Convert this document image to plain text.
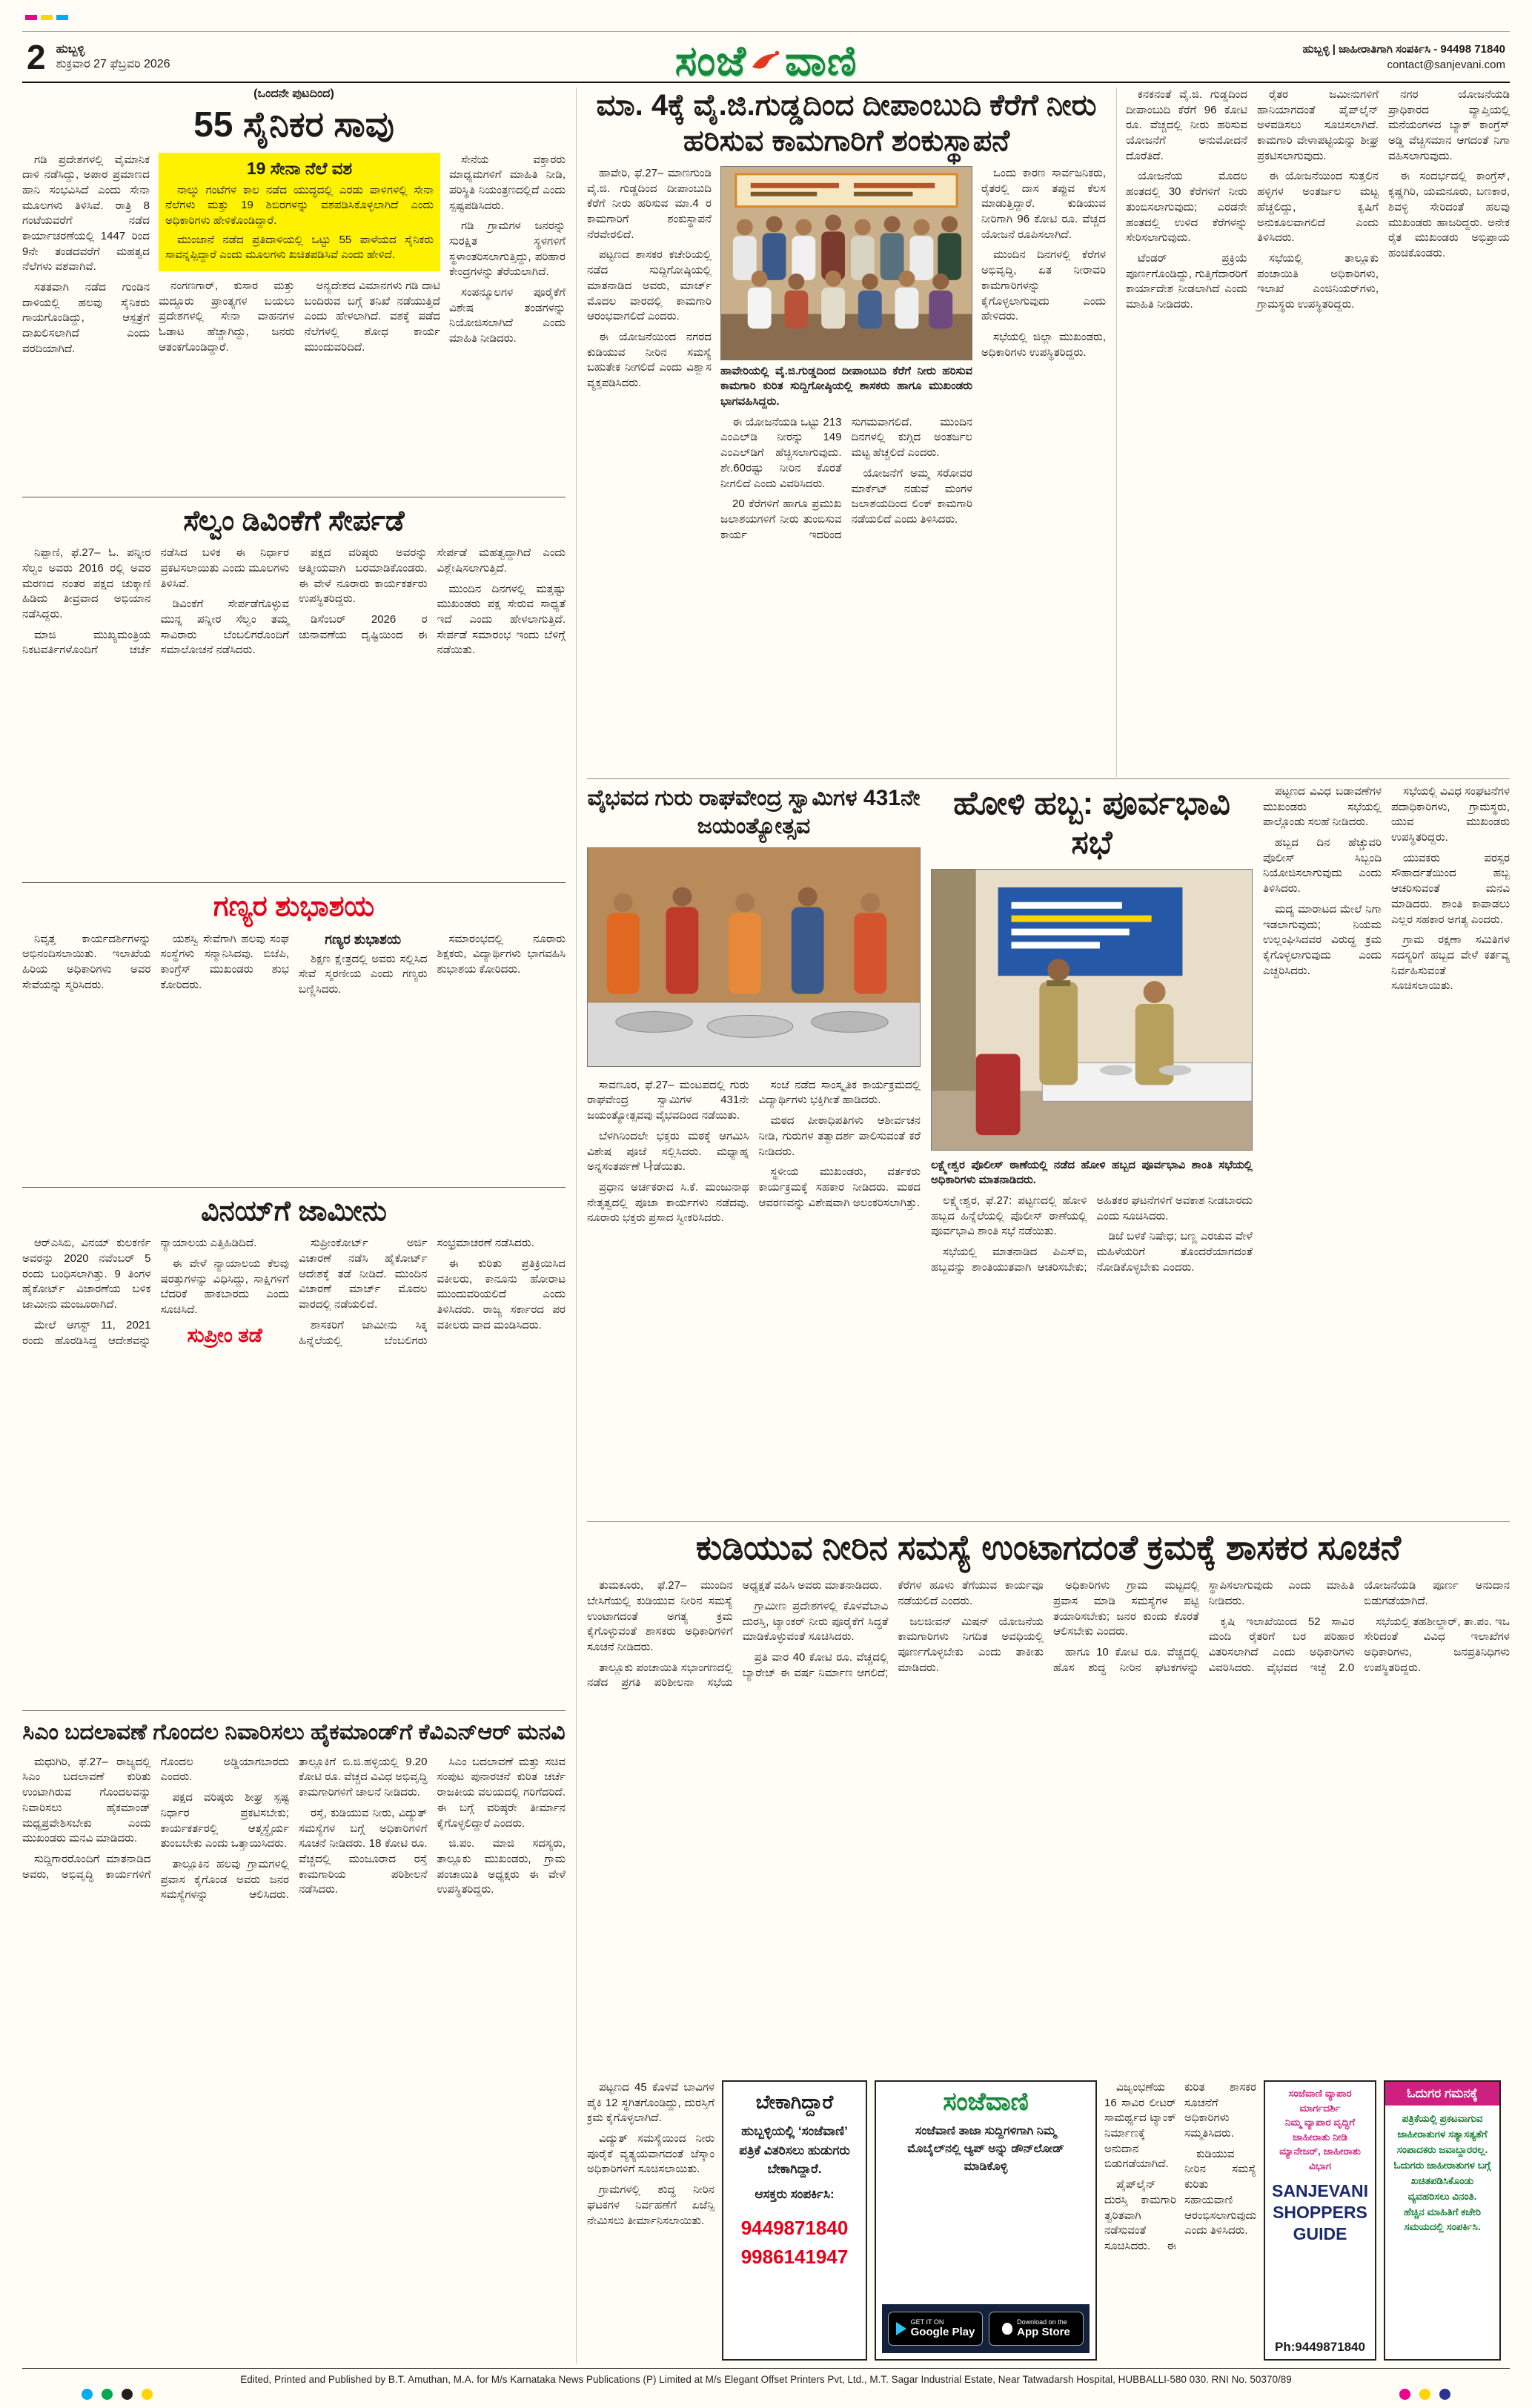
2 ಹುಬ್ಬಳ್ಳಿ
ಶುಕ್ರವಾರ 27 ಫೆಬ್ರವರಿ 2026	ಸಂಜೆ ವಾಣಿ	ಹುಬ್ಬಳ್ಳಿ | ಜಾಹೀರಾತಿಗಾಗಿ ಸಂಪರ್ಕಿಸಿ - 94498 71840
contact@sanjevani.com
(ಒಂದನೇ ಪುಟದಿಂದ)
55 ಸೈನಿಕರ ಸಾವು

ಗಡಿ ಪ್ರದೇಶಗಳಲ್ಲಿ ವೈಮಾನಿಕ ದಾಳಿ ನಡೆಸಿದ್ದು, ಅಪಾರ ಪ್ರಮಾಣದ ಹಾನಿ ಸಂಭವಿಸಿದೆ ಎಂದು ಸೇನಾ ಮೂಲಗಳು ತಿಳಿಸಿವೆ. ರಾತ್ರಿ 8 ಗಂಟೆಯವರೆಗೆ ನಡೆದ ಕಾರ್ಯಾಚರಣೆಯಲ್ಲಿ 1447 ರಿಂದ 9ನೇ ತಂಡದವರೆಗೆ ಮಹತ್ವದ ನೆಲೆಗಳು ವಶವಾಗಿವೆ.

ಸತತವಾಗಿ ನಡೆದ ಗುಂಡಿನ ದಾಳಿಯಲ್ಲಿ ಹಲವು ಸೈನಿಕರು ಗಾಯಗೊಂಡಿದ್ದು, ಆಸ್ಪತ್ರೆಗೆ ದಾಖಲಿಸಲಾಗಿದೆ ಎಂದು ವರದಿಯಾಗಿದೆ.

19 ಸೇನಾ ನೆಲೆ ವಶ

ನಾಲ್ಕು ಗಂಟೆಗಳ ಕಾಲ ನಡೆದ ಯುದ್ಧದಲ್ಲಿ ಎರಡು ಪಾಳಿಗಳಲ್ಲಿ ಸೇನಾ ನೆಲೆಗಳು ಮತ್ತು 19 ಶಿಬಿರಗಳನ್ನು ವಶಪಡಿಸಿಕೊಳ್ಳಲಾಗಿದೆ ಎಂದು ಅಧಿಕಾರಿಗಳು ಹೇಳಿಕೊಂಡಿದ್ದಾರೆ.

ಮುಂಜಾನೆ ನಡೆದ ಪ್ರತಿದಾಳಿಯಲ್ಲಿ ಒಟ್ಟು 55 ಪಾಳೆಯದ ಸೈನಿಕರು ಸಾವನ್ನಪ್ಪಿದ್ದಾರೆ ಎಂದು ಮೂಲಗಳು ಖಚಿತಪಡಿಸಿವೆ ಎಂದು ಹೇಳಿದೆ.

ನಂಗಣಗಾರ್, ಕುಸಾರ ಮತ್ತು ಮದ್ದೂರು ಪ್ರಾಂತ್ಯಗಳ ಬಯಲು ಪ್ರದೇಶಗಳಲ್ಲಿ ಸೇನಾ ವಾಹನಗಳ ಓಡಾಟ ಹೆಚ್ಚಾಗಿದ್ದು, ಜನರು ಆತಂಕಗೊಂಡಿದ್ದಾರೆ.

ಅನ್ಯದೇಶದ ವಿಮಾನಗಳು ಗಡಿ ದಾಟಿ ಬಂದಿರುವ ಬಗ್ಗೆ ತನಿಖೆ ನಡೆಯುತ್ತಿದೆ ಎಂದು ಹೇಳಲಾಗಿದೆ. ವಶಕ್ಕೆ ಪಡೆದ ನೆಲೆಗಳಲ್ಲಿ ಶೋಧ ಕಾರ್ಯ ಮುಂದುವರಿದಿದೆ.

ಸೇನೆಯ ವಕ್ತಾರರು ಮಾಧ್ಯಮಗಳಿಗೆ ಮಾಹಿತಿ ನೀಡಿ, ಪರಿಸ್ಥಿತಿ ನಿಯಂತ್ರಣದಲ್ಲಿದೆ ಎಂದು ಸ್ಪಷ್ಟಪಡಿಸಿದರು.

ಗಡಿ ಗ್ರಾಮಗಳ ಜನರನ್ನು ಸುರಕ್ಷಿತ ಸ್ಥಳಗಳಿಗೆ ಸ್ಥಳಾಂತರಿಸಲಾಗುತ್ತಿದ್ದು, ಪರಿಹಾರ ಕೇಂದ್ರಗಳನ್ನು ತೆರೆಯಲಾಗಿದೆ.

ಸಂಪನ್ಮೂಲಗಳ ಪೂರೈಕೆಗೆ ವಿಶೇಷ ತಂಡಗಳನ್ನು ನಿಯೋಜಿಸಲಾಗಿದೆ ಎಂದು ಮಾಹಿತಿ ನೀಡಿದರು.

ಸೆಲ್ವಂ ಡಿವಿಂಕೆಗೆ ಸೇರ್ಪಡೆ

ನಿಪ್ಪಾಣಿ, ಫೆ.27– ಓ. ಪನ್ನೀರ ಸೆಲ್ವಂ ಅವರು 2016 ರಲ್ಲಿ ಅವರ ಮರಣದ ನಂತರ ಪಕ್ಷದ ಚುಕ್ಕಾಣಿ ಹಿಡಿದು ತೀವ್ರವಾದ ಅಭಿಯಾನ ನಡೆಸಿದ್ದರು.

ಮಾಜಿ ಮುಖ್ಯಮಂತ್ರಿಯ ನಿಕಟವರ್ತಿಗಳೊಂದಿಗೆ ಚರ್ಚೆ ನಡೆಸಿದ ಬಳಿಕ ಈ ನಿರ್ಧಾರ ಪ್ರಕಟಿಸಲಾಯಿತು ಎಂದು ಮೂಲಗಳು ತಿಳಿಸಿವೆ.

ಡಿವಿಂಕೆಗೆ ಸೇರ್ಪಡೆಗೊಳ್ಳುವ ಮುನ್ನ ಪನ್ನೀರ ಸೆಲ್ವಂ ತಮ್ಮ ಸಾವಿರಾರು ಬೆಂಬಲಿಗರೊಂದಿಗೆ ಸಮಾಲೋಚನೆ ನಡೆಸಿದರು.

ಪಕ್ಷದ ವರಿಷ್ಠರು ಅವರನ್ನು ಆತ್ಮೀಯವಾಗಿ ಬರಮಾಡಿಕೊಂಡರು. ಈ ವೇಳೆ ನೂರಾರು ಕಾರ್ಯಕರ್ತರು ಉಪಸ್ಥಿತರಿದ್ದರು.

ಡಿಸೆಂಬರ್ 2026 ರ ಚುನಾವಣೆಯ ದೃಷ್ಟಿಯಿಂದ ಈ ಸೇರ್ಪಡೆ ಮಹತ್ವದ್ದಾಗಿದೆ ಎಂದು ವಿಶ್ಲೇಷಿಸಲಾಗುತ್ತಿದೆ.

ಮುಂದಿನ ದಿನಗಳಲ್ಲಿ ಮತ್ತಷ್ಟು ಮುಖಂಡರು ಪಕ್ಷ ಸೇರುವ ಸಾಧ್ಯತೆ ಇದೆ ಎಂದು ಹೇಳಲಾಗುತ್ತಿದೆ. ಸೇರ್ಪಡೆ ಸಮಾರಂಭ ಇಂದು ಬೆಳಿಗ್ಗೆ ನಡೆಯಿತು.

ಗಣ್ಯರ ಶುಭಾಶಯ

ನಿವೃತ್ತ ಕಾರ್ಯದರ್ಶಿಗಳನ್ನು ಅಭಿನಂದಿಸಲಾಯಿತು. ಇಲಾಖೆಯ ಹಿರಿಯ ಅಧಿಕಾರಿಗಳು ಅವರ ಸೇವೆಯನ್ನು ಸ್ಮರಿಸಿದರು.

ಯಶಸ್ವಿ ಸೇವೆಗಾಗಿ ಹಲವು ಸಂಘ ಸಂಸ್ಥೆಗಳು ಸನ್ಮಾನಿಸಿದವು. ಬಿಜೆಪಿ, ಕಾಂಗ್ರೆಸ್ ಮುಖಂಡರು ಶುಭ ಕೋರಿದರು.

ಗಣ್ಯರ ಶುಭಾಶಯ

ಶಿಕ್ಷಣ ಕ್ಷೇತ್ರದಲ್ಲಿ ಅವರು ಸಲ್ಲಿಸಿದ ಸೇವೆ ಸ್ಮರಣೀಯ ಎಂದು ಗಣ್ಯರು ಬಣ್ಣಿಸಿದರು.

ಸಮಾರಂಭದಲ್ಲಿ ನೂರಾರು ಶಿಕ್ಷಕರು, ವಿದ್ಯಾರ್ಥಿಗಳು ಭಾಗವಹಿಸಿ ಶುಭಾಶಯ ಕೋರಿದರು.

ವಿನಯ್‌ಗೆ ಜಾಮೀನು

ಆರ್‌ಎಸಿಬಿ, ವಿನಯ್ ಕುಲಕರ್ಣಿ ಅವರನ್ನು 2020 ನವೆಂಬರ್ 5 ರಂದು ಬಂಧಿಸಲಾಗಿತ್ತು. 9 ತಿಂಗಳ ಹೈಕೋರ್ಟ್ ವಿಚಾರಣೆಯ ಬಳಿಕ ಜಾಮೀನು ಮಂಜೂರಾಗಿದೆ.

ಮೇಲೆ ಆಗಸ್ಟ್ 11, 2021 ರಂದು ಹೊರಡಿಸಿದ್ದ ಆದೇಶವನ್ನು ನ್ಯಾಯಾಲಯ ಎತ್ತಿಹಿಡಿದಿದೆ.

ಈ ವೇಳೆ ನ್ಯಾಯಾಲಯ ಕೆಲವು ಷರತ್ತುಗಳನ್ನು ವಿಧಿಸಿದ್ದು, ಸಾಕ್ಷಿಗಳಿಗೆ ಬೆದರಿಕೆ ಹಾಕಬಾರದು ಎಂದು ಸೂಚಿಸಿದೆ.

ಸುಪ್ರೀಂ ತಡೆ

ಸುಪ್ರೀಂಕೋರ್ಟ್ ಅರ್ಜಿ ವಿಚಾರಣೆ ನಡೆಸಿ ಹೈಕೋರ್ಟ್ ಆದೇಶಕ್ಕೆ ತಡೆ ನೀಡಿದೆ. ಮುಂದಿನ ವಿಚಾರಣೆ ಮಾರ್ಚ್ ಮೊದಲ ವಾರದಲ್ಲಿ ನಡೆಯಲಿದೆ.

ಶಾಸಕರಿಗೆ ಜಾಮೀನು ಸಿಕ್ಕ ಹಿನ್ನೆಲೆಯಲ್ಲಿ ಬೆಂಬಲಿಗರು ಸಂಭ್ರಮಾಚರಣೆ ನಡೆಸಿದರು.

ಈ ಕುರಿತು ಪ್ರತಿಕ್ರಿಯಿಸಿದ ವಕೀಲರು, ಕಾನೂನು ಹೋರಾಟ ಮುಂದುವರಿಯಲಿದೆ ಎಂದು ತಿಳಿಸಿದರು. ರಾಜ್ಯ ಸರ್ಕಾರದ ಪರ ವಕೀಲರು ವಾದ ಮಂಡಿಸಿದರು.

ಸಿಎಂ ಬದಲಾವಣೆ ಗೊಂದಲ ನಿವಾರಿಸಲು ಹೈಕಮಾಂಡ್‌ಗೆ ಕೆವಿಎನ್‌ಆರ್ ಮನವಿ

ಮಧುಗಿರಿ, ಫೆ.27– ರಾಜ್ಯದಲ್ಲಿ ಸಿಎಂ ಬದಲಾವಣೆ ಕುರಿತು ಉಂಟಾಗಿರುವ ಗೊಂದಲವನ್ನು ನಿವಾರಿಸಲು ಹೈಕಮಾಂಡ್ ಮಧ್ಯಪ್ರವೇಶಿಸಬೇಕು ಎಂದು ಮುಖಂಡರು ಮನವಿ ಮಾಡಿದರು.

ಸುದ್ದಿಗಾರರೊಂದಿಗೆ ಮಾತನಾಡಿದ ಅವರು, ಅಭಿವೃದ್ಧಿ ಕಾರ್ಯಗಳಿಗೆ ಗೊಂದಲ ಅಡ್ಡಿಯಾಗಬಾರದು ಎಂದರು.

ಪಕ್ಷದ ವರಿಷ್ಠರು ಶೀಘ್ರ ಸ್ಪಷ್ಟ ನಿರ್ಧಾರ ಪ್ರಕಟಿಸಬೇಕು; ಕಾರ್ಯಕರ್ತರಲ್ಲಿ ಆತ್ಮಸ್ಥೈರ್ಯ ತುಂಬಬೇಕು ಎಂದು ಒತ್ತಾಯಿಸಿದರು.

ತಾಲ್ಲೂಕಿನ ಹಲವು ಗ್ರಾಮಗಳಲ್ಲಿ ಪ್ರವಾಸ ಕೈಗೊಂಡ ಅವರು ಜನರ ಸಮಸ್ಯೆಗಳನ್ನು ಆಲಿಸಿದರು. ತಾಲ್ಲೂಕಿಗೆ ಬಿ.ಜಿ.ಹಳ್ಳಿಯಲ್ಲಿ 9.20 ಕೋಟಿ ರೂ. ವೆಚ್ಚದ ವಿವಿಧ ಅಭಿವೃದ್ಧಿ ಕಾಮಗಾರಿಗಳಿಗೆ ಚಾಲನೆ ನೀಡಿದರು.

ರಸ್ತೆ, ಕುಡಿಯುವ ನೀರು, ವಿದ್ಯುತ್ ಸಮಸ್ಯೆಗಳ ಬಗ್ಗೆ ಅಧಿಕಾರಿಗಳಿಗೆ ಸೂಚನೆ ನೀಡಿದರು. 18 ಕೋಟಿ ರೂ. ವೆಚ್ಚದಲ್ಲಿ ಮಂಜೂರಾದ ರಸ್ತೆ ಕಾಮಗಾರಿಯ ಪರಿಶೀಲನೆ ನಡೆಸಿದರು.

ಸಿಎಂ ಬದಲಾವಣೆ ಮತ್ತು ಸಚಿವ ಸಂಪುಟ ಪುನಾರಚನೆ ಕುರಿತ ಚರ್ಚೆ ರಾಜಕೀಯ ವಲಯದಲ್ಲಿ ಗರಿಗೆದರಿದೆ. ಈ ಬಗ್ಗೆ ವರಿಷ್ಠರೇ ತೀರ್ಮಾನ ಕೈಗೊಳ್ಳಲಿದ್ದಾರೆ ಎಂದರು.

ಜಿ.ಪಂ. ಮಾಜಿ ಸದಸ್ಯರು, ತಾಲ್ಲೂಕು ಮುಖಂಡರು, ಗ್ರಾಮ ಪಂಚಾಯಿತಿ ಅಧ್ಯಕ್ಷರು ಈ ವೇಳೆ ಉಪಸ್ಥಿತರಿದ್ದರು.

ಮಾ. 4ಕ್ಕೆ ವೈ.ಜಿ.ಗುಡ್ಡದಿಂದ ದೀಪಾಂಬುದಿ ಕೆರೆಗೆ ನೀರು ಹರಿಸುವ ಕಾಮಗಾರಿಗೆ ಶಂಕುಸ್ಥಾಪನೆ

ಹಾವೇರಿ, ಫೆ.27– ಮಾಣಗುಂಡಿ ವೈ.ಜಿ. ಗುಡ್ಡದಿಂದ ದೀಪಾಂಬುದಿ ಕೆರೆಗೆ ನೀರು ಹರಿಸುವ ಮಾ.4 ರ ಕಾಮಗಾರಿಗೆ ಶಂಕುಸ್ಥಾಪನೆ ನೆರವೇರಲಿದೆ.

ಪಟ್ಟಣದ ಶಾಸಕರ ಕಚೇರಿಯಲ್ಲಿ ನಡೆದ ಸುದ್ದಿಗೋಷ್ಠಿಯಲ್ಲಿ ಮಾತನಾಡಿದ ಅವರು, ಮಾರ್ಚ್ ಮೊದಲ ವಾರದಲ್ಲಿ ಕಾಮಗಾರಿ ಆರಂಭವಾಗಲಿದೆ ಎಂದರು.

ಈ ಯೋಜನೆಯಿಂದ ನಗರದ ಕುಡಿಯುವ ನೀರಿನ ಸಮಸ್ಯೆ ಬಹುತೇಕ ನೀಗಲಿದೆ ಎಂದು ವಿಶ್ವಾಸ ವ್ಯಕ್ತಪಡಿಸಿದರು.

ಹಾವೇರಿಯಲ್ಲಿ ವೈ.ಜಿ.ಗುಡ್ಡದಿಂದ ದೀಪಾಂಬುದಿ ಕೆರೆಗೆ ನೀರು ಹರಿಸುವ ಕಾಮಗಾರಿ ಕುರಿತ ಸುದ್ದಿಗೋಷ್ಠಿಯಲ್ಲಿ ಶಾಸಕರು ಹಾಗೂ ಮುಖಂಡರು ಭಾಗವಹಿಸಿದ್ದರು.

ಈ ಯೋಜನೆಯಡಿ ಒಟ್ಟು 213 ಎಂಎಲ್‌ಡಿ ನೀರನ್ನು 149 ಎಂಎಲ್‌ಡಿಗೆ ಹೆಚ್ಚಿಸಲಾಗುವುದು. ಶೇ.60ರಷ್ಟು ನೀರಿನ ಕೊರತೆ ನೀಗಲಿದೆ ಎಂದು ವಿವರಿಸಿದರು.

20 ಕೆರೆಗಳಿಗೆ ಹಾಗೂ ಪ್ರಮುಖ ಜಲಾಶಯಗಳಿಗೆ ನೀರು ತುಂಬಿಸುವ ಕಾರ್ಯ ಇದರಿಂದ ಸುಗಮವಾಗಲಿದೆ. ಮುಂದಿನ ದಿನಗಳಲ್ಲಿ ಕುಗ್ಗಿದ ಅಂತರ್ಜಲ ಮಟ್ಟ ಹೆಚ್ಚಲಿದೆ ಎಂದರು.

ಯೋಜನೆಗೆ ಅಮ್ಮ ಸರೋವರ ಮಾರ್ಕೆಟ್ ನಡುವೆ ಮಂಗಳ ಜಲಾಶಯದಿಂದ ಲಿಂಕ್ ಕಾಮಗಾರಿ ನಡೆಯಲಿದೆ ಎಂದು ತಿಳಿಸಿದರು.

ಒಂದು ಕಾರಣ ಸಾರ್ವಜನಿಕರು, ರೈತರಲ್ಲಿ ದಾಸ ತಪ್ಪುವ ಕೆಲಸ ಮಾಡುತ್ತಿದ್ದಾರೆ. ಕುಡಿಯುವ ನೀರಿಗಾಗಿ 96 ಕೋಟಿ ರೂ. ವೆಚ್ಚದ ಯೋಜನೆ ರೂಪಿಸಲಾಗಿದೆ.

ಮುಂದಿನ ದಿನಗಳಲ್ಲಿ ಕೆರೆಗಳ ಅಭಿವೃದ್ಧಿ, ಏತ ನೀರಾವರಿ ಕಾಮಗಾರಿಗಳನ್ನು ಕೈಗೊಳ್ಳಲಾಗುವುದು ಎಂದು ಹೇಳಿದರು.

ಸಭೆಯಲ್ಲಿ ಜಿಲ್ಲಾ ಮುಖಂಡರು, ಅಧಿಕಾರಿಗಳು ಉಪಸ್ಥಿತರಿದ್ದರು.

ಕನಕನಂತೆ ವೈ.ಜಿ. ಗುಡ್ಡದಿಂದ ದೀಪಾಂಬುದಿ ಕೆರೆಗೆ 96 ಕೋಟಿ ರೂ. ವೆಚ್ಚದಲ್ಲಿ ನೀರು ಹರಿಸುವ ಯೋಜನೆಗೆ ಅನುಮೋದನೆ ದೊರೆತಿದೆ.

ಯೋಜನೆಯ ಮೊದಲ ಹಂತದಲ್ಲಿ 30 ಕೆರೆಗಳಿಗೆ ನೀರು ತುಂಬಿಸಲಾಗುವುದು; ಎರಡನೇ ಹಂತದಲ್ಲಿ ಉಳಿದ ಕೆರೆಗಳನ್ನು ಸೇರಿಸಲಾಗುವುದು.

ಟೆಂಡರ್ ಪ್ರಕ್ರಿಯೆ ಪೂರ್ಣಗೊಂಡಿದ್ದು, ಗುತ್ತಿಗೆದಾರರಿಗೆ ಕಾರ್ಯಾದೇಶ ನೀಡಲಾಗಿದೆ ಎಂದು ಮಾಹಿತಿ ನೀಡಿದರು.

ರೈತರ ಜಮೀನುಗಳಿಗೆ ಹಾನಿಯಾಗದಂತೆ ಪೈಪ್‌ಲೈನ್ ಅಳವಡಿಸಲು ಸೂಚಿಸಲಾಗಿದೆ. ಕಾಮಗಾರಿ ವೇಳಾಪಟ್ಟಿಯನ್ನು ಶೀಘ್ರ ಪ್ರಕಟಿಸಲಾಗುವುದು.

ಈ ಯೋಜನೆಯಿಂದ ಸುತ್ತಲಿನ ಹಳ್ಳಿಗಳ ಅಂತರ್ಜಲ ಮಟ್ಟ ಹೆಚ್ಚಲಿದ್ದು, ಕೃಷಿಗೆ ಅನುಕೂಲವಾಗಲಿದೆ ಎಂದು ತಿಳಿಸಿದರು.

ಸಭೆಯಲ್ಲಿ ತಾಲ್ಲೂಕು ಪಂಚಾಯಿತಿ ಅಧಿಕಾರಿಗಳು, ಇಲಾಖೆ ಎಂಜಿನಿಯರ್‌ಗಳು, ಗ್ರಾಮಸ್ಥರು ಉಪಸ್ಥಿತರಿದ್ದರು.

ನಗರ ಯೋಜನೆಯಡಿ ಪ್ರಾಧಿಕಾರದ ವ್ಯಾಪ್ತಿಯಲ್ಲಿ ಮನೆಯಂಗಳದ ಬ್ಯಾಕ್ ಕಾಂಗ್ರೆಸ್ ಅಡ್ಡಿ ವೆಚ್ಚಿಸಮಾನ ಆಗದಂತೆ ನಿಗಾ ವಹಿಸಲಾಗುವುದು.

ಈ ಸಂದರ್ಭದಲ್ಲಿ ಕಾಂಗ್ರೆಸ್, ಕೃಷ್ಣಗಿರಿ, ಯಮನೂರು, ಬಣಕಾರ, ಶಿವಳ್ಳಿ ಸೇರಿದಂತೆ ಹಲವು ಮುಖಂಡರು ಹಾಜರಿದ್ದರು. ಅನೇಕ ರೈತ ಮುಖಂಡರು ಅಭಿಪ್ರಾಯ ಹಂಚಿಕೊಂಡರು.

ವೈಭವದ ಗುರು ರಾಘವೇಂದ್ರ ಸ್ವಾಮಿಗಳ 431ನೇ ಜಯಂತ್ಯೋತ್ಸವ

ಸಾವಣೂರ, ಫೆ.27– ಮಂಟಪದಲ್ಲಿ ಗುರು ರಾಘವೇಂದ್ರ ಸ್ವಾಮಿಗಳ 431ನೇ ಜಯಂತ್ಯೋತ್ಸವವು ವೈಭವದಿಂದ ನಡೆಯಿತು.

ಬೆಳಗಿನಿಂದಲೇ ಭಕ್ತರು ಮಠಕ್ಕೆ ಆಗಮಿಸಿ ವಿಶೇಷ ಪೂಜೆ ಸಲ್ಲಿಸಿದರು. ಮಧ್ಯಾಹ್ನ ಅನ್ನಸಂತರ್ಪಣೆ 나ಡೆಯಿತು.

ಪ್ರಧಾನ ಅರ್ಚಕರಾದ ಸಿ.ಕೆ. ಮಂಜುನಾಥ ನೇತೃತ್ವದಲ್ಲಿ ಪೂಜಾ ಕಾರ್ಯಗಳು ನಡೆದವು. ನೂರಾರು ಭಕ್ತರು ಪ್ರಸಾದ ಸ್ವೀಕರಿಸಿದರು.

ಸಂಜೆ ನಡೆದ ಸಾಂಸ್ಕೃತಿಕ ಕಾರ್ಯಕ್ರಮದಲ್ಲಿ ವಿದ್ಯಾರ್ಥಿಗಳು ಭಕ್ತಿಗೀತೆ ಹಾಡಿದರು.

ಮಠದ ಪೀಠಾಧಿಪತಿಗಳು ಆಶೀರ್ವಚನ ನೀಡಿ, ಗುರುಗಳ ತತ್ವಾದರ್ಶ ಪಾಲಿಸುವಂತೆ ಕರೆ ನೀಡಿದರು.

ಸ್ಥಳೀಯ ಮುಖಂಡರು, ವರ್ತಕರು ಕಾರ್ಯಕ್ರಮಕ್ಕೆ ಸಹಕಾರ ನೀಡಿದರು. ಮಠದ ಆವರಣವನ್ನು ವಿಶೇಷವಾಗಿ ಅಲಂಕರಿಸಲಾಗಿತ್ತು.

ಹೋಳಿ ಹಬ್ಬ: ಪೂರ್ವಭಾವಿ ಸಭೆ
ಲಕ್ಷ್ಮೇಶ್ವರ ಪೊಲೀಸ್ ಠಾಣೆಯಲ್ಲಿ ನಡೆದ ಹೋಳಿ ಹಬ್ಬದ ಪೂರ್ವಭಾವಿ ಶಾಂತಿ ಸಭೆಯಲ್ಲಿ ಅಧಿಕಾರಿಗಳು ಮಾತನಾಡಿದರು.

ಲಕ್ಷ್ಮೇಶ್ವರ, ಫೆ.27: ಪಟ್ಟಣದಲ್ಲಿ ಹೋಳಿ ಹಬ್ಬದ ಹಿನ್ನೆಲೆಯಲ್ಲಿ ಪೊಲೀಸ್ ಠಾಣೆಯಲ್ಲಿ ಪೂರ್ವಭಾವಿ ಶಾಂತಿ ಸಭೆ ನಡೆಯಿತು.

ಸಭೆಯಲ್ಲಿ ಮಾತನಾಡಿದ ಪಿಎಸ್‌ಐ, ಹಬ್ಬವನ್ನು ಶಾಂತಿಯುತವಾಗಿ ಆಚರಿಸಬೇಕು; ಅಹಿತಕರ ಘಟನೆಗಳಿಗೆ ಅವಕಾಶ ನೀಡಬಾರದು ಎಂದು ಸೂಚಿಸಿದರು.

ಡಿಜೆ ಬಳಕೆ ನಿಷೇಧ; ಬಣ್ಣ ಎರಚುವ ವೇಳೆ ಮಹಿಳೆಯರಿಗೆ ತೊಂದರೆಯಾಗದಂತೆ ನೋಡಿಕೊಳ್ಳಬೇಕು ಎಂದರು.

ಪಟ್ಟಣದ ವಿವಿಧ ಬಡಾವಣೆಗಳ ಮುಖಂಡರು ಸಭೆಯಲ್ಲಿ ಪಾಲ್ಗೊಂಡು ಸಲಹೆ ನೀಡಿದರು.

ಹಬ್ಬದ ದಿನ ಹೆಚ್ಚುವರಿ ಪೊಲೀಸ್ ಸಿಬ್ಬಂದಿ ನಿಯೋಜಿಸಲಾಗುವುದು ಎಂದು ತಿಳಿಸಿದರು.

ಮದ್ಯ ಮಾರಾಟದ ಮೇಲೆ ನಿಗಾ ಇಡಲಾಗುವುದು; ನಿಯಮ ಉಲ್ಲಂಘಿಸಿದವರ ವಿರುದ್ಧ ಕ್ರಮ ಕೈಗೊಳ್ಳಲಾಗುವುದು ಎಂದು ಎಚ್ಚರಿಸಿದರು.

ಸಭೆಯಲ್ಲಿ ವಿವಿಧ ಸಂಘಟನೆಗಳ ಪದಾಧಿಕಾರಿಗಳು, ಗ್ರಾಮಸ್ಥರು, ಯುವ ಮುಖಂಡರು ಉಪಸ್ಥಿತರಿದ್ದರು.

ಯುವಕರು ಪರಸ್ಪರ ಸೌಹಾರ್ದತೆಯಿಂದ ಹಬ್ಬ ಆಚರಿಸುವಂತೆ ಮನವಿ ಮಾಡಿದರು. ಶಾಂತಿ ಕಾಪಾಡಲು ಎಲ್ಲರ ಸಹಕಾರ ಅಗತ್ಯ ಎಂದರು.

ಗ್ರಾಮ ರಕ್ಷಣಾ ಸಮಿತಿಗಳ ಸದಸ್ಯರಿಗೆ ಹಬ್ಬದ ವೇಳೆ ಕರ್ತವ್ಯ ನಿರ್ವಹಿಸುವಂತೆ ಸೂಚಿಸಲಾಯಿತು.

ಕುಡಿಯುವ ನೀರಿನ ಸಮಸ್ಯೆ ಉಂಟಾಗದಂತೆ ಕ್ರಮಕ್ಕೆ ಶಾಸಕರ ಸೂಚನೆ

ತುಮಕೂರು, ಫೆ.27– ಮುಂದಿನ ಬೇಸಿಗೆಯಲ್ಲಿ ಕುಡಿಯುವ ನೀರಿನ ಸಮಸ್ಯೆ ಉಂಟಾಗದಂತೆ ಅಗತ್ಯ ಕ್ರಮ ಕೈಗೊಳ್ಳುವಂತೆ ಶಾಸಕರು ಅಧಿಕಾರಿಗಳಿಗೆ ಸೂಚನೆ ನೀಡಿದರು.

ತಾಲ್ಲೂಕು ಪಂಚಾಯಿತಿ ಸಭಾಂಗಣದಲ್ಲಿ ನಡೆದ ಪ್ರಗತಿ ಪರಿಶೀಲನಾ ಸಭೆಯ ಅಧ್ಯಕ್ಷತೆ ವಹಿಸಿ ಅವರು ಮಾತನಾಡಿದರು.

ಗ್ರಾಮೀಣ ಪ್ರದೇಶಗಳಲ್ಲಿ ಕೊಳವೆಬಾವಿ ದುರಸ್ತಿ, ಟ್ಯಾಂಕರ್ ನೀರು ಪೂರೈಕೆಗೆ ಸಿದ್ಧತೆ ಮಾಡಿಕೊಳ್ಳುವಂತೆ ಸೂಚಿಸಿದರು.

ಪ್ರತಿ ವಾರ 40 ಕೋಟಿ ರೂ. ವೆಚ್ಚದಲ್ಲಿ ಬ್ಯಾರೇಜ್ ಈ ವರ್ಷ ನಿರ್ಮಾಣ ಆಗಲಿದೆ; ಕೆರೆಗಳ ಹೂಳು ತೆಗೆಯುವ ಕಾರ್ಯವೂ ನಡೆಯಲಿದೆ ಎಂದರು.

ಜಲಜೀವನ್ ಮಿಷನ್ ಯೋಜನೆಯ ಕಾಮಗಾರಿಗಳು ನಿಗದಿತ ಅವಧಿಯಲ್ಲಿ ಪೂರ್ಣಗೊಳ್ಳಬೇಕು ಎಂದು ತಾಕೀತು ಮಾಡಿದರು.

ಅಧಿಕಾರಿಗಳು ಗ್ರಾಮ ಮಟ್ಟದಲ್ಲಿ ಪ್ರವಾಸ ಮಾಡಿ ಸಮಸ್ಯೆಗಳ ಪಟ್ಟಿ ತಯಾರಿಸಬೇಕು; ಜನರ ಕುಂದು ಕೊರತೆ ಆಲಿಸಬೇಕು ಎಂದರು.

ಹಾಗೂ 10 ಕೋಟಿ ರೂ. ವೆಚ್ಚದಲ್ಲಿ ಹೊಸ ಶುದ್ಧ ನೀರಿನ ಘಟಕಗಳನ್ನು ಸ್ಥಾಪಿಸಲಾಗುವುದು ಎಂದು ಮಾಹಿತಿ ನೀಡಿದರು.

ಕೃಷಿ ಇಲಾಖೆಯಿಂದ 52 ಸಾವಿರ ಮಂದಿ ರೈತರಿಗೆ ಬರ ಪರಿಹಾರ ವಿತರಿಸಲಾಗಿದೆ ಎಂದು ಅಧಿಕಾರಿಗಳು ವಿವರಿಸಿದರು. ವೈಭವದ ಇಚ್ಛೆ 2.0 ಯೋಜನೆಯಡಿ ಪೂರ್ಣ ಅನುದಾನ ಬಿಡುಗಡೆಯಾಗಿದೆ.

ಸಭೆಯಲ್ಲಿ ತಹಶೀಲ್ದಾರ್, ತಾ.ಪಂ. ಇಒ ಸೇರಿದಂತೆ ವಿವಿಧ ಇಲಾಖೆಗಳ ಅಧಿಕಾರಿಗಳು, ಜನಪ್ರತಿನಿಧಿಗಳು ಉಪಸ್ಥಿತರಿದ್ದರು.

ಪಟ್ಟಣದ 45 ಕೊಳವೆ ಬಾವಿಗಳ ಪೈಕಿ 12 ಸ್ಥಗಿತಗೊಂಡಿದ್ದು, ದುರಸ್ತಿಗೆ ಕ್ರಮ ಕೈಗೊಳ್ಳಲಾಗಿದೆ.

ವಿದ್ಯುತ್ ಸಮಸ್ಯೆಯಿಂದ ನೀರು ಪೂರೈಕೆ ವ್ಯತ್ಯಯವಾಗದಂತೆ ಜೆಸ್ಕಾಂ ಅಧಿಕಾರಿಗಳಿಗೆ ಸೂಚಿಸಲಾಯಿತು.

ಗ್ರಾಮಗಳಲ್ಲಿ ಶುದ್ಧ ನೀರಿನ ಘಟಕಗಳ ನಿರ್ವಹಣೆಗೆ ಏಜೆನ್ಸಿ ನೇಮಿಸಲು ತೀರ್ಮಾನಿಸಲಾಯಿತು.

ಬೇಕಾಗಿದ್ದಾರೆ
ಹುಬ್ಬಳ್ಳಿಯಲ್ಲಿ ‘ಸಂಜೆವಾಣಿ’ ಪತ್ರಿಕೆ ವಿತರಿಸಲು ಹುಡುಗರು ಬೇಕಾಗಿದ್ದಾರೆ.
ಆಸಕ್ತರು ಸಂಪರ್ಕಿಸಿ:
9449871840
9986141947
ಸಂಜೆವಾಣಿ
ಸಂಜೆವಾಣಿ ತಾಜಾ ಸುದ್ದಿಗಳಿಗಾಗಿ ನಿಮ್ಮ
ಮೊಬೈಲ್‌ನಲ್ಲಿ ಆ್ಯಪ್ ಅನ್ನು ಡೌನ್‌ಲೋಡ್
ಮಾಡಿಕೊಳ್ಳಿ
GET IT ON
Google Play
Download on the
App Store

ವಿಜೃಂಭಣೆಯ 16 ಸಾವಿರ ಲೀಟರ್ ಸಾಮರ್ಥ್ಯದ ಟ್ಯಾಂಕ್ ನಿರ್ಮಾಣಕ್ಕೆ ಅನುದಾನ ಬಿಡುಗಡೆಯಾಗಿದೆ.

ಪೈಪ್‌ಲೈನ್ ದುರಸ್ತಿ ಕಾಮಗಾರಿ ತ್ವರಿತವಾಗಿ ನಡೆಸುವಂತೆ ಸೂಚಿಸಿದರು. ಈ ಕುರಿತ ಶಾಸಕರ ಸೂಚನೆಗೆ ಅಧಿಕಾರಿಗಳು ಸಮ್ಮತಿಸಿದರು.

ಕುಡಿಯುವ ನೀರಿನ ಸಮಸ್ಯೆ ಕುರಿತು ಸಹಾಯವಾಣಿ ಆರಂಭಿಸಲಾಗುವುದು ಎಂದು ತಿಳಿಸಿದರು.

ಸಂಜೆವಾಣಿ ವ್ಯಾಪಾರ ಮಾರ್ಗದರ್ಶಿ
ನಿಮ್ಮ ವ್ಯಾಪಾರ ವೃದ್ಧಿಗೆ ಜಾಹೀರಾತು ನೀಡಿ
ಮ್ಯಾನೇಜರ್, ಜಾಹೀರಾತು ವಿಭಾಗ
SANJEVANI
SHOPPERS
GUIDE
Ph:9449871840
ಓದುಗರ ಗಮನಕ್ಕೆ
ಪತ್ರಿಕೆಯಲ್ಲಿ ಪ್ರಕಟವಾಗುವ ಜಾಹೀರಾತುಗಳ ಸತ್ಯಾಸತ್ಯತೆಗೆ ಸಂಪಾದಕರು ಜವಾಬ್ದಾರರಲ್ಲ.
ಓದುಗರು ಜಾಹೀರಾತುಗಳ ಬಗ್ಗೆ ಖಚಿತಪಡಿಸಿಕೊಂಡು ವ್ಯವಹರಿಸಲು ವಿನಂತಿ.
ಹೆಚ್ಚಿನ ಮಾಹಿತಿಗೆ ಕಚೇರಿ ಸಮಯದಲ್ಲಿ ಸಂಪರ್ಕಿಸಿ.
Edited, Printed and Published by B.T. Amuthan, M.A. for M/s Karnataka News Publications (P) Limited at M/s Elegant Offset Printers Pvt, Ltd., M.T. Sagar Industrial Estate, Near Tatwadarsh Hospital, HUBBALLI-580 030. RNI No. 50370/89
